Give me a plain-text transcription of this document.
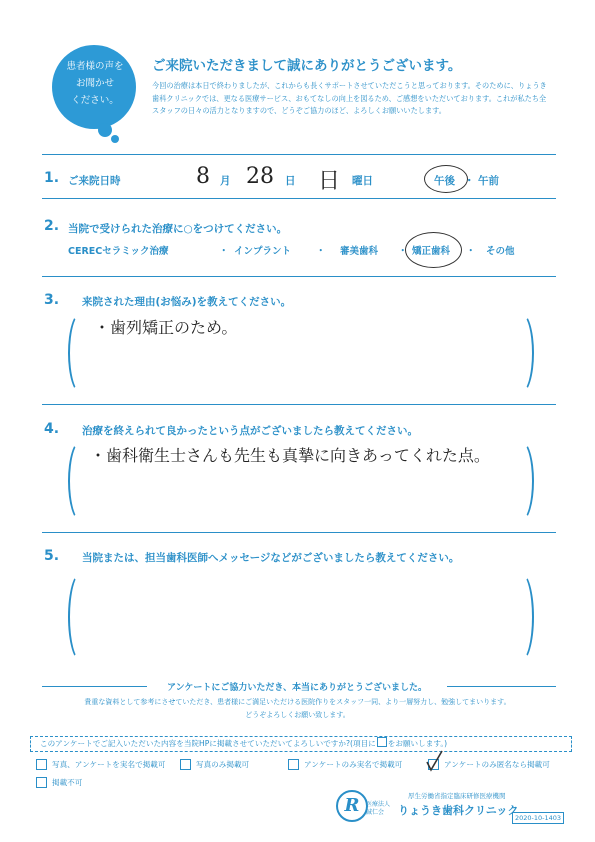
患者様の声を
お聞かせ
ください。
ご来院いただきまして誠にありがとうございます。
今回の治療は本日で終わりましたが、これからも長くサポートさせていただこうと思っております。そのために、りょうき歯科クリニックでは、更なる医療サービス、おもてなしの向上を図るため、ご感想をいただいております。これが私たち全スタッフの日々の活力となりますので、どうぞご協力のほど、よろしくお願いいたします。
1. ご来院日時	8 月 28 日 日 曜日	午後 ・ 午前
2. 当院で受けられた治療に○をつけてください。
CERECセラミック治療	・ インプラント	・ 審美歯科 ・ 矯正歯科 ・ その他
3. 来院された理由(お悩み)を教えてください。
・歯列矯正のため。
4. 治療を終えられて良かったという点がございましたら教えてください。
・歯科衛生士さんも先生も真摯に向きあってくれた点。
5. 当院または、担当歯科医師へメッセージなどがございましたら教えてください。
アンケートにご協力いただき、本当にありがとうございました。
貴重な資料として参考にさせていただき、患者様にご満足いただける医院作りをスタッフ一同、より一層努力し、勉強してまいります。
どうぞよろしくお願い致します。
このアンケートでご記入いただいた内容を当院HPに掲載させていただいてよろしいですか?(項目に をお願いします。)
写真、アンケートを実名で掲載可	写真のみ掲載可	アンケートのみ実名で掲載可	アンケートのみ匿名なら掲載可
掲載不可
R	医療法人
誠仁会
厚生労働省指定臨床研修医療機関
りょうき歯科クリニック
2020-10-1403
